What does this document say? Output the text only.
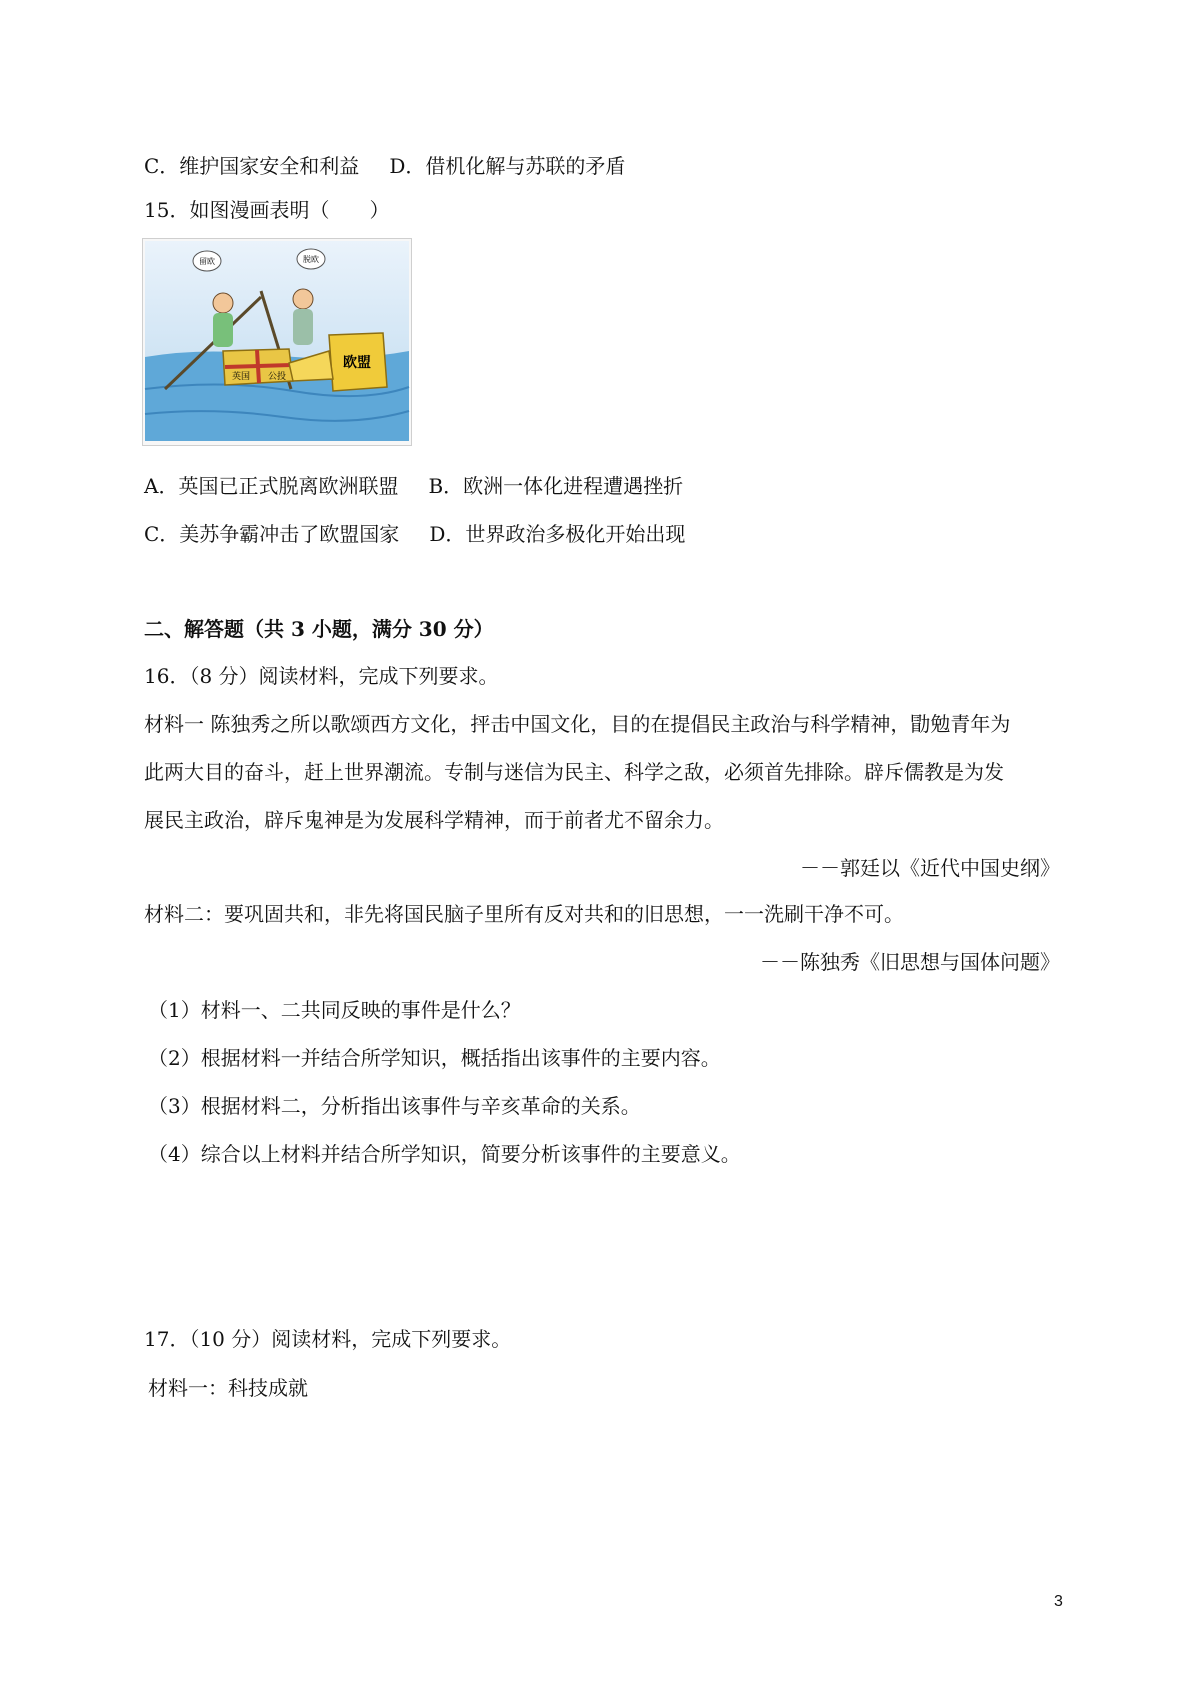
C．维护国家安全和利益 D．借机化解与苏联的矛盾
15．如图漫画表明（　　）
留欧	脱欧
英国 公投
欧盟
A．英国已正式脱离欧洲联盟 B．欧洲一体化进程遭遇挫折
C．美苏争霸冲击了欧盟国家 D．世界政治多极化开始出现
二、解答题（共 3 小题，满分 30 分）
16．（8 分）阅读材料，完成下列要求。
材料一 陈独秀之所以歌颂西方文化，抨击中国文化，目的在提倡民主政治与科学精神，勖勉青年为
此两大目的奋斗，赶上世界潮流。专制与迷信为民主、科学之敌，必须首先排除。辟斥儒教是为发
展民主政治，辟斥鬼神是为发展科学精神，而于前者尤不留余力。
－－郭廷以《近代中国史纲》
材料二：要巩固共和，非先将国民脑子里所有反对共和的旧思想，一一洗刷干净不可。
－－陈独秀《旧思想与国体问题》
（1）材料一、二共同反映的事件是什么？
（2）根据材料一并结合所学知识，概括指出该事件的主要内容。
（3）根据材料二，分析指出该事件与辛亥革命的关系。
（4）综合以上材料并结合所学知识，简要分析该事件的主要意义。
17．（10 分）阅读材料，完成下列要求。
材料一：科技成就
3
